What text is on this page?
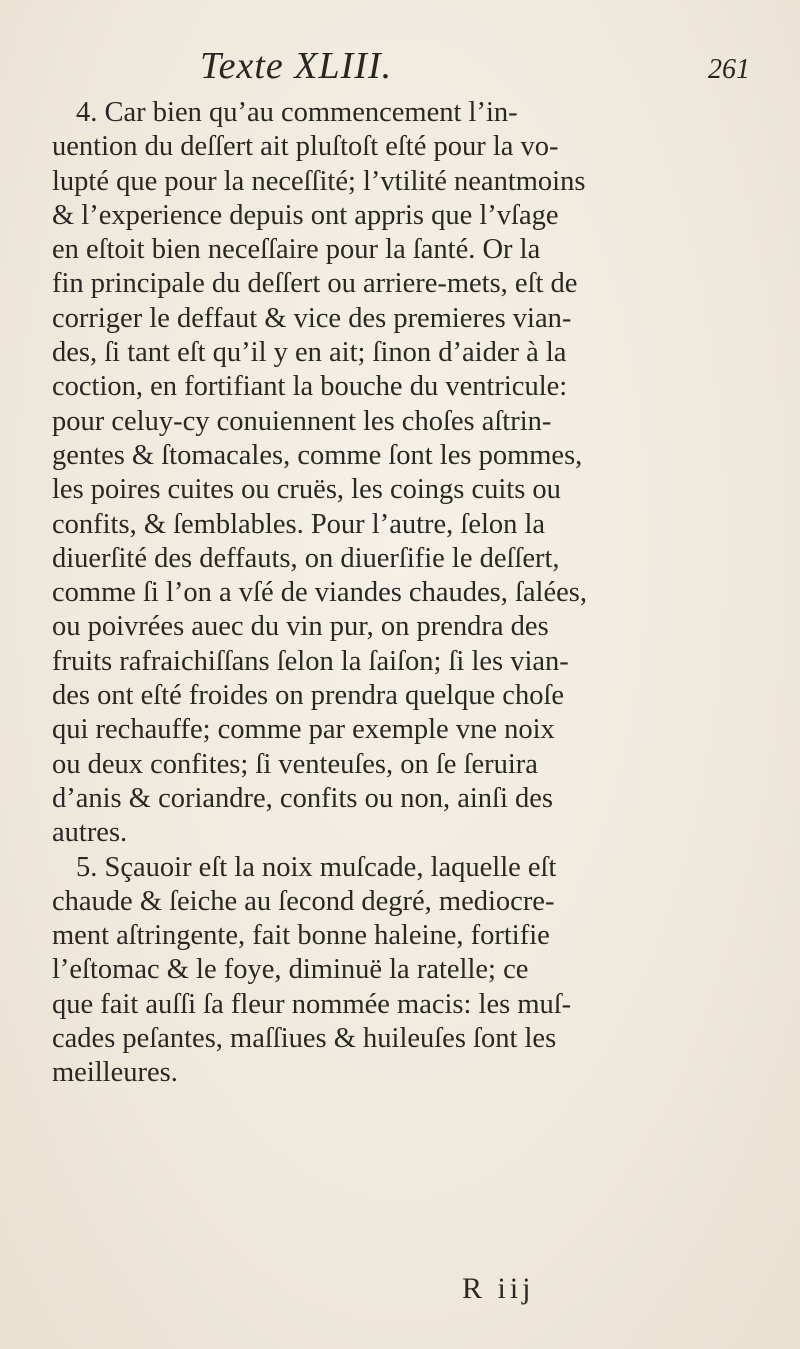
Texte XLIII.	261
4. Car bien qu’au commencement l’in-
uention du deſſert ait pluſtoſt eſté pour la vo-
lupté que pour la neceſſité; l’vtilité neantmoins
& l’experience depuis ont appris que l’vſage
en eſtoit bien neceſſaire pour la ſanté. Or la
fin principale du deſſert ou arriere-mets, eſt de
corriger le deffaut & vice des premieres vian-
des, ſi tant eſt qu’il y en ait; ſinon d’aider à la
coction, en fortifiant la bouche du ventricule:
pour celuy-cy conuiennent les choſes aſtrin-
gentes & ſtomacales, comme ſont les pommes,
les poires cuites ou cruës, les coings cuits ou
confits, & ſemblables. Pour l’autre, ſelon la
diuerſité des deffauts, on diuerſifie le deſſert,
comme ſi l’on a vſé de viandes chaudes, ſalées,
ou poivrées auec du vin pur, on prendra des
fruits rafraichiſſans ſelon la ſaiſon; ſi les vian-
des ont eſté froides on prendra quelque choſe
qui rechauffe; comme par exemple vne noix
ou deux confites; ſi venteuſes, on ſe ſeruira
d’anis & coriandre, confits ou non, ainſi des
autres.
5. Sçauoir eſt la noix muſcade, laquelle eſt
chaude & ſeiche au ſecond degré, mediocre-
ment aſtringente, fait bonne haleine, fortifie
l’eſtomac & le foye, diminuë la ratelle; ce
que fait auſſi ſa fleur nommée macis: les muſ-
cades peſantes, maſſiues & huileuſes ſont les
meilleures.
R iij
